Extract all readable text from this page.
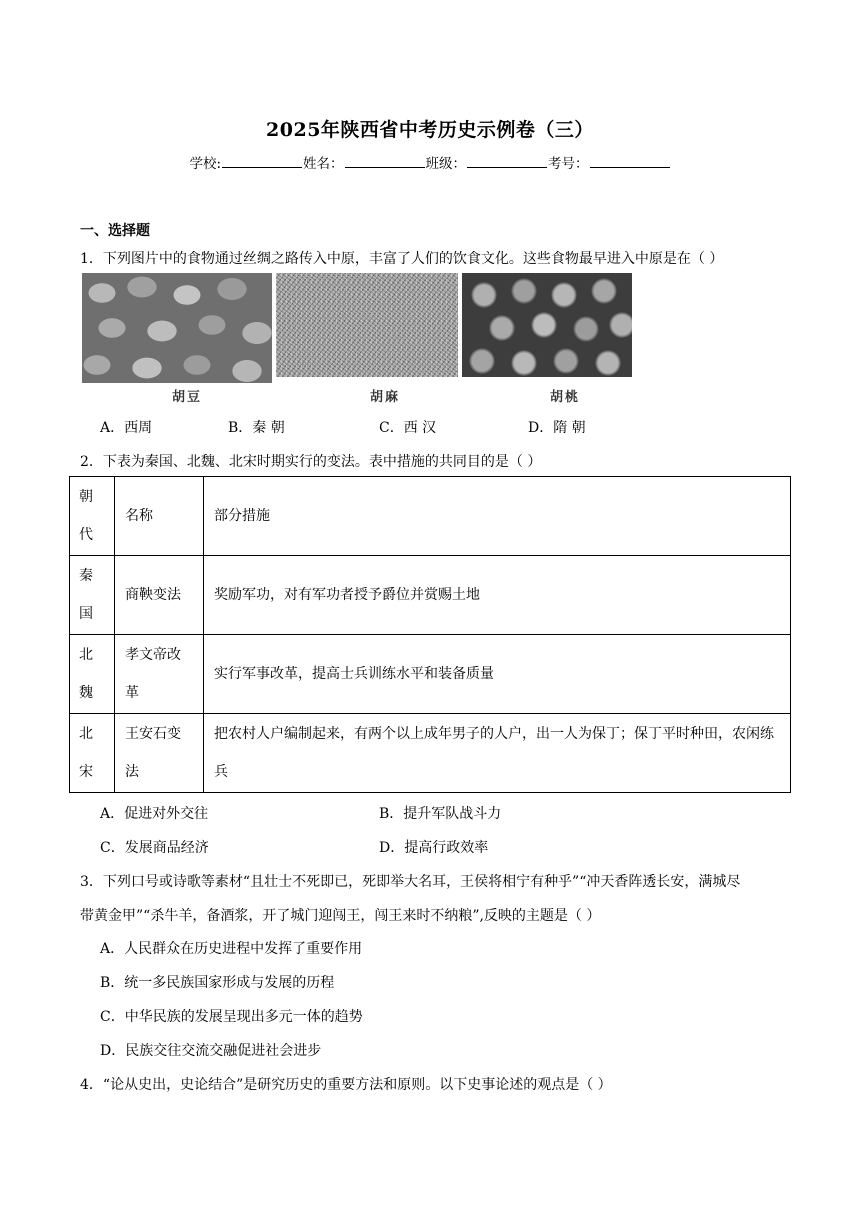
2025年陕西省中考历史示例卷（三）
学校:	姓名：	班级：	考号：
一、选择题
1．下列图片中的食物通过丝绸之路传入中原，丰富了人们的饮食文化。这些食物最早进入中原是在（ ）
胡豆	胡麻	胡桃
A．西周	B．秦 朝	C．西 汉	D．隋 朝
2．下表为秦国、北魏、北宋时期实行的变法。表中措施的共同目的是（ ）
朝代	名称	部分措施
秦国	商鞅变法	奖励军功，对有军功者授予爵位并赏赐土地
北魏	孝文帝改革	实行军事改革，提高士兵训练水平和装备质量
北宋	王安石变法	把农村人户编制起来，有两个以上成年男子的人户，出一人为保丁；保丁平时种田，农闲练兵
A．促进对外交往	B．提升军队战斗力
C．发展商品经济	D．提高行政效率
3．下列口号或诗歌等素材“且壮士不死即已，死即举大名耳，王侯将相宁有种乎”“冲天香阵透长安，满城尽
带黄金甲”“杀牛羊，备酒浆，开了城门迎闯王，闯王来时不纳粮”,反映的主题是（ ）
A．人民群众在历史进程中发挥了重要作用
B．统一多民族国家形成与发展的历程
C．中华民族的发展呈现出多元一体的趋势
D．民族交往交流交融促进社会进步
4．“论从史出，史论结合”是研究历史的重要方法和原则。以下史事论述的观点是（ ）
